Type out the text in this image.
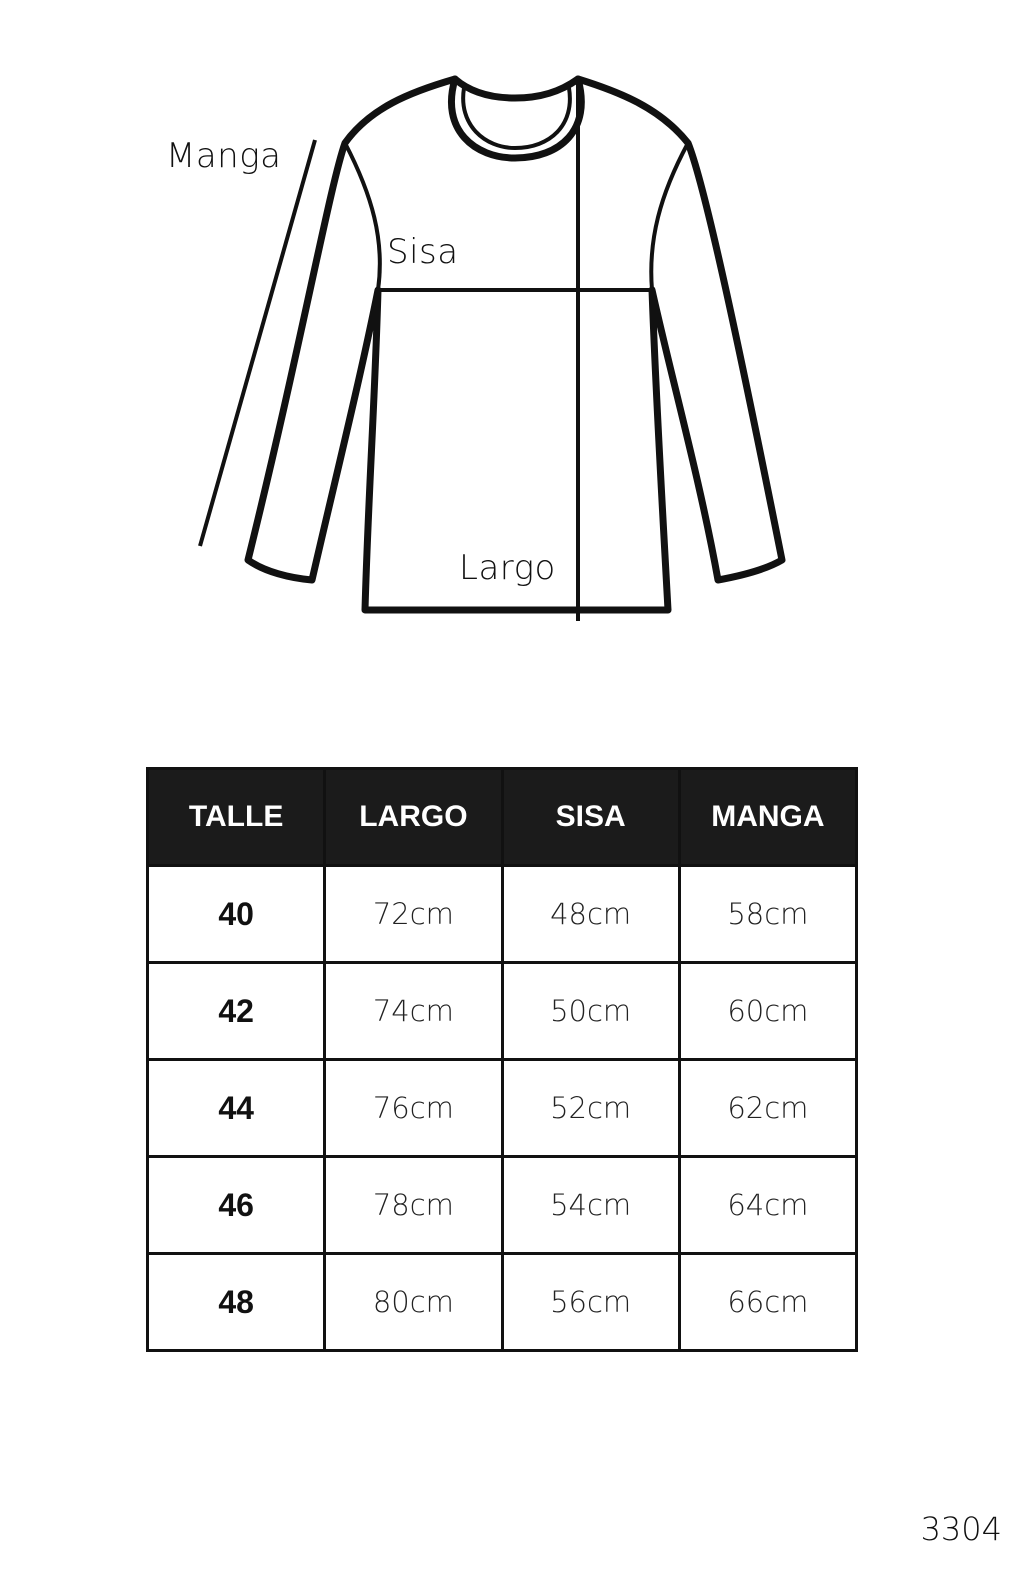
Manga
Sisa
Largo
TALLE	LARGO	SISA	MANGA
40	72cm	48cm	58cm
42	74cm	50cm	60cm
44	76cm	52cm	62cm
46	78cm	54cm	64cm
48	80cm	56cm	66cm
3304
